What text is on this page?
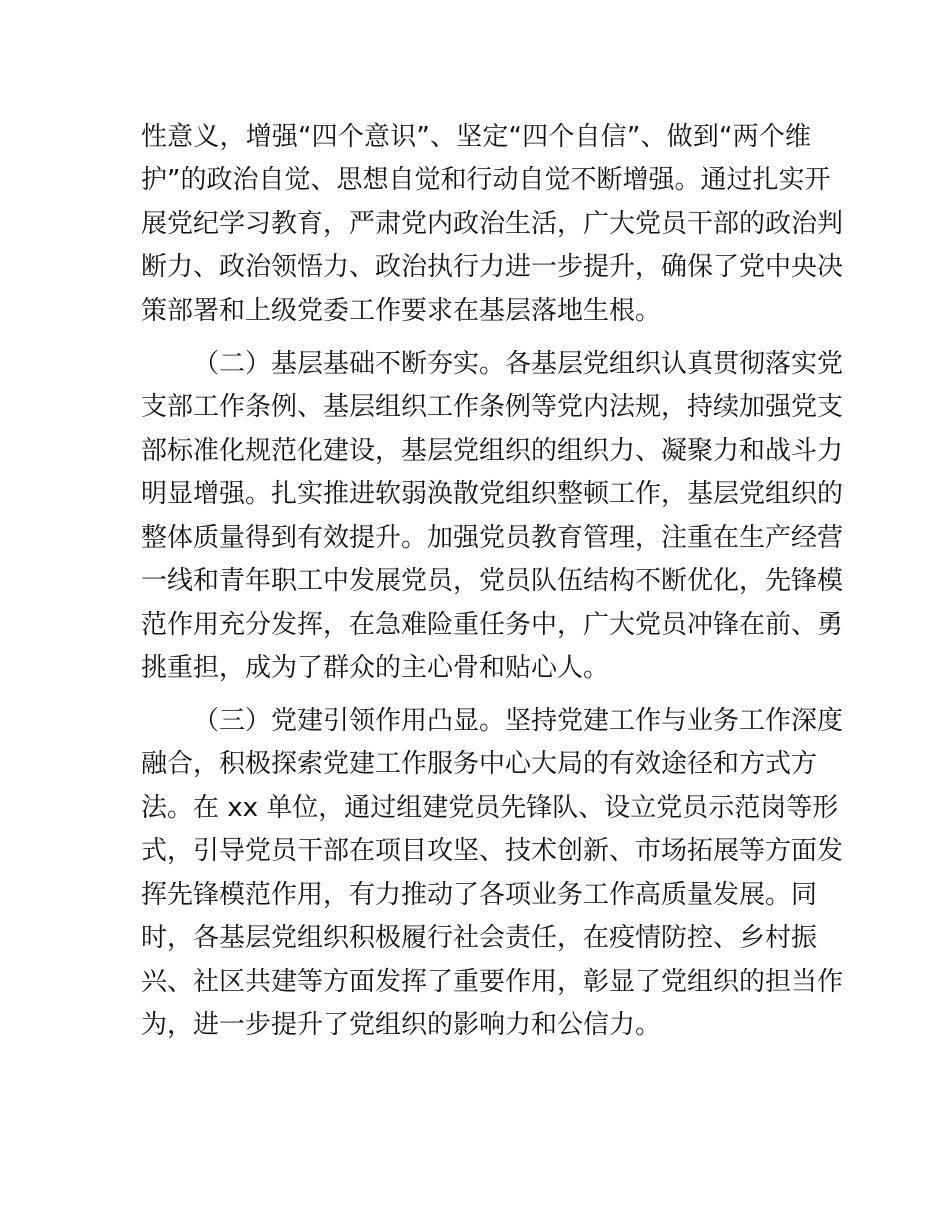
性意义，增强“四个意识”、坚定“四个自信”、做到“两个维
护”的政治自觉、思想自觉和行动自觉不断增强。通过扎实开
展党纪学习教育，严肃党内政治生活，广大党员干部的政治判
断力、政治领悟力、政治执行力进一步提升，确保了党中央决
策部署和上级党委工作要求在基层落地生根。
（二）基层基础不断夯实。各基层党组织认真贯彻落实党
支部工作条例、基层组织工作条例等党内法规，持续加强党支
部标准化规范化建设，基层党组织的组织力、凝聚力和战斗力
明显增强。扎实推进软弱涣散党组织整顿工作，基层党组织的
整体质量得到有效提升。加强党员教育管理，注重在生产经营
一线和青年职工中发展党员，党员队伍结构不断优化，先锋模
范作用充分发挥，在急难险重任务中，广大党员冲锋在前、勇
挑重担，成为了群众的主心骨和贴心人。
（三）党建引领作用凸显。坚持党建工作与业务工作深度
融合，积极探索党建工作服务中心大局的有效途径和方式方
法。在 xx 单位，通过组建党员先锋队、设立党员示范岗等形
式，引导党员干部在项目攻坚、技术创新、市场拓展等方面发
挥先锋模范作用，有力推动了各项业务工作高质量发展。同
时，各基层党组织积极履行社会责任，在疫情防控、乡村振
兴、社区共建等方面发挥了重要作用，彰显了党组织的担当作
为，进一步提升了党组织的影响力和公信力。
